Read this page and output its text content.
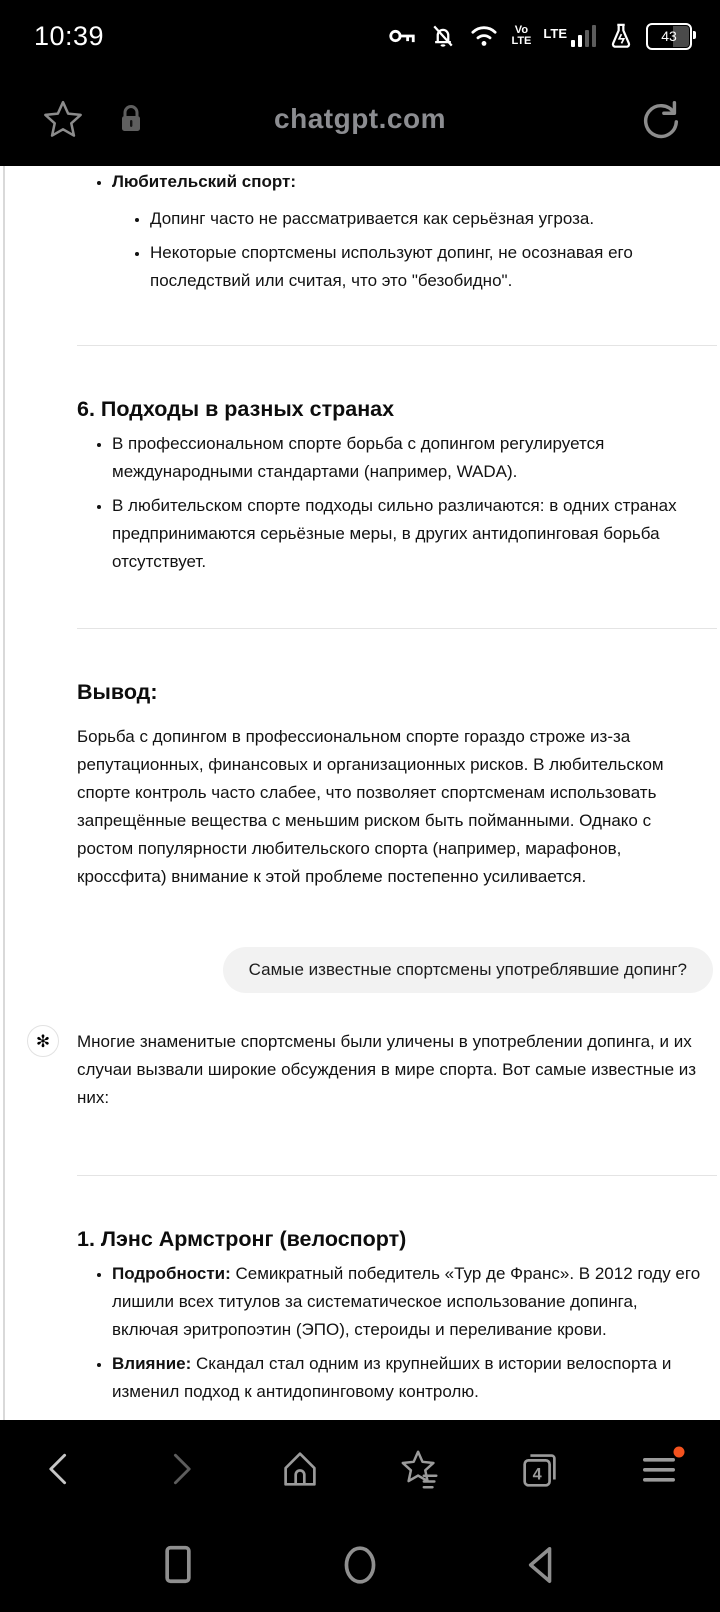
10:39	Vo
LTE LTE	43
chatgpt.com
• Любительский спорт:
• Допинг часто не рассматривается как серьёзная угроза.
• Некоторые спортсмены используют допинг, не осознавая его последствий или считая, что это "безобидно".
6. Подходы в разных странах
• В профессиональном спорте борьба с допингом регулируется международными стандартами (например, WADA).
• В любительском спорте подходы сильно различаются: в одних странах предпринимаются серьёзные меры, в других антидопинговая борьба отсутствует.
Вывод:

Борьба с допингом в профессиональном спорте гораздо строже из-за репутационных, финансовых и организационных рисков. В любительском спорте контроль часто слабее, что позволяет спортсменам использовать запрещённые вещества с меньшим риском быть пойманными. Однако с ростом популярности любительского спорта (например, марафонов, кроссфита) внимание к этой проблеме постепенно усиливается.

Самые известные спортсмены употреблявшие допинг?
✻ Многие знаменитые спортсмены были уличены в употреблении допинга, и их случаи вызвали широкие обсуждения в мире спорта. Вот самые известные из них:

1. Лэнс Армстронг (велоспорт)
• Подробности: Семикратный победитель «Тур де Франс». В 2012 году его лишили всех титулов за систематическое использование допинга, включая эритропоэтин (ЭПО), стероиды и переливание крови.
• Влияние: Скандал стал одним из крупнейших в истории велоспорта и изменил подход к антидопинговому контролю.
4
